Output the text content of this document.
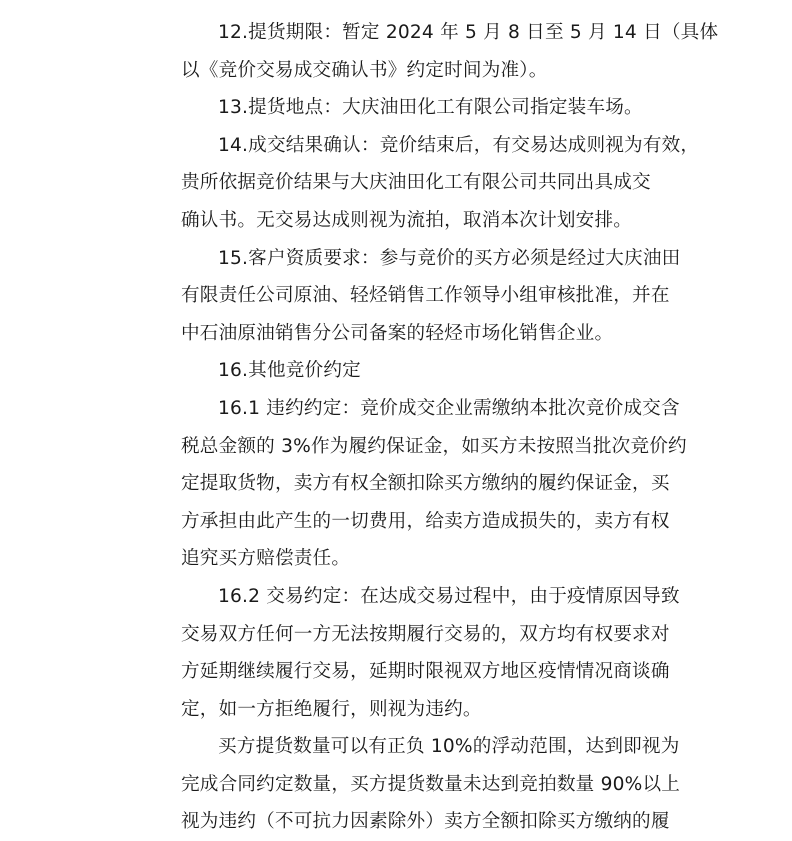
12.提货期限：暂定 2024 年 5 月 8 日至 5 月 14 日（具体
以《竞价交易成交确认书》约定时间为准）。
13.提货地点：大庆油田化工有限公司指定装车场。
14.成交结果确认：竞价结束后，有交易达成则视为有效，
贵所依据竞价结果与大庆油田化工有限公司共同出具成交
确认书。无交易达成则视为流拍，取消本次计划安排。
15.客户资质要求：参与竞价的买方必须是经过大庆油田
有限责任公司原油、轻烃销售工作领导小组审核批准，并在
中石油原油销售分公司备案的轻烃市场化销售企业。
16.其他竞价约定
16.1 违约约定：竞价成交企业需缴纳本批次竞价成交含
税总金额的 3%作为履约保证金，如买方未按照当批次竞价约
定提取货物，卖方有权全额扣除买方缴纳的履约保证金，买
方承担由此产生的一切费用，给卖方造成损失的，卖方有权
追究买方赔偿责任。
16.2 交易约定：在达成交易过程中，由于疫情原因导致
交易双方任何一方无法按期履行交易的，双方均有权要求对
方延期继续履行交易，延期时限视双方地区疫情情况商谈确
定，如一方拒绝履行，则视为违约。
买方提货数量可以有正负 10%的浮动范围，达到即视为
完成合同约定数量，买方提货数量未达到竞拍数量 90%以上
视为违约（不可抗力因素除外）卖方全额扣除买方缴纳的履
